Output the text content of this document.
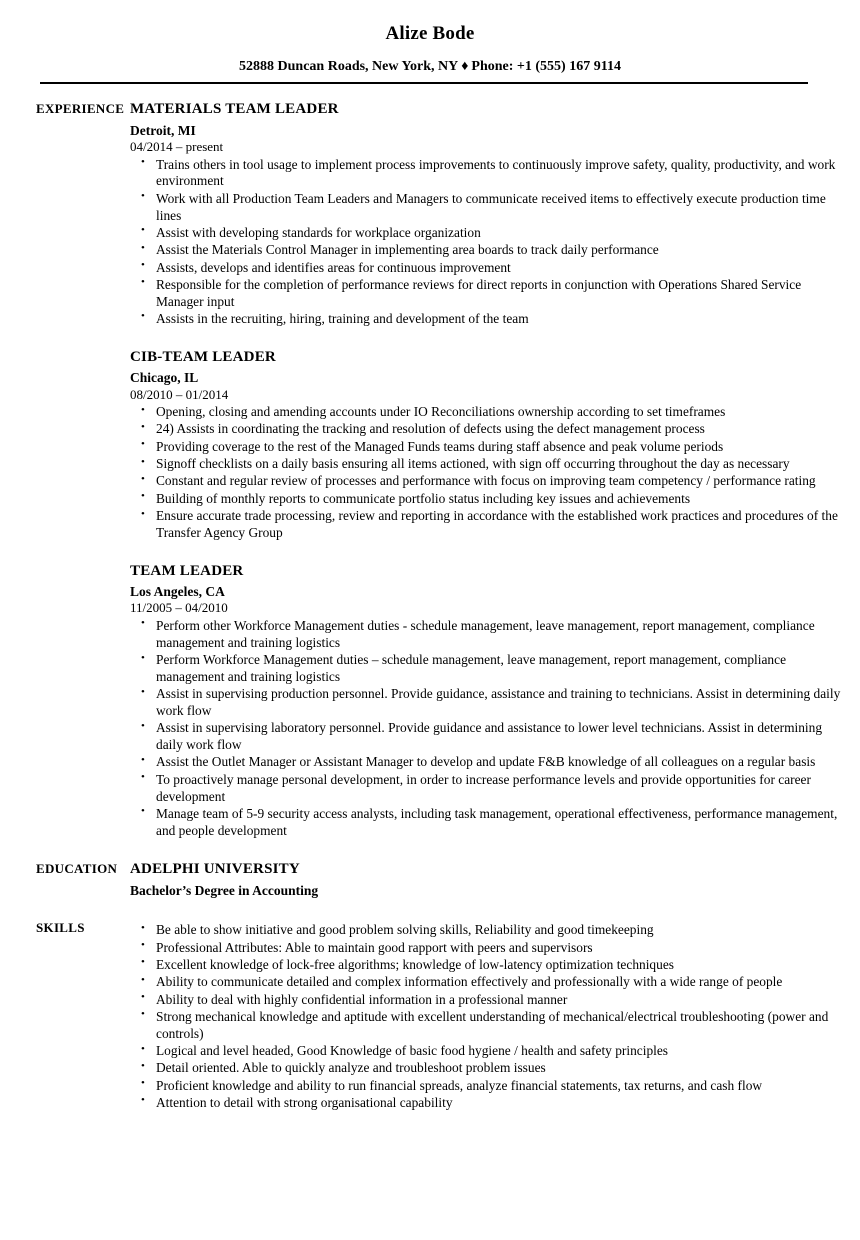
Alize Bode
52888 Duncan Roads, New York, NY ♦ Phone: +1 (555) 167 9114
EXPERIENCE MATERIALS TEAM LEADER
Detroit, MI
04/2014 – present
• Trains others in tool usage to implement process improvements to continuously improve safety, quality, productivity, and work environment
• Work with all Production Team Leaders and Managers to communicate received items to effectively execute production time lines
• Assist with developing standards for workplace organization
• Assist the Materials Control Manager in implementing area boards to track daily performance
• Assists, develops and identifies areas for continuous improvement
• Responsible for the completion of performance reviews for direct reports in conjunction with Operations Shared Service Manager input
• Assists in the recruiting, hiring, training and development of the team
CIB-TEAM LEADER
Chicago, IL
08/2010 – 01/2014
• Opening, closing and amending accounts under IO Reconciliations ownership according to set timeframes
• 24) Assists in coordinating the tracking and resolution of defects using the defect management process
• Providing coverage to the rest of the Managed Funds teams during staff absence and peak volume periods
• Signoff checklists on a daily basis ensuring all items actioned, with sign off occurring throughout the day as necessary
• Constant and regular review of processes and performance with focus on improving team competency / performance rating
• Building of monthly reports to communicate portfolio status including key issues and achievements
• Ensure accurate trade processing, review and reporting in accordance with the established work practices and procedures of the Transfer Agency Group
TEAM LEADER
Los Angeles, CA
11/2005 – 04/2010
• Perform other Workforce Management duties - schedule management, leave management, report management, compliance management and training logistics
• Perform Workforce Management duties – schedule management, leave management, report management, compliance management and training logistics
• Assist in supervising production personnel. Provide guidance, assistance and training to technicians. Assist in determining daily work flow
• Assist in supervising laboratory personnel. Provide guidance and assistance to lower level technicians. Assist in determining daily work flow
• Assist the Outlet Manager or Assistant Manager to develop and update F&B knowledge of all colleagues on a regular basis
• To proactively manage personal development, in order to increase performance levels and provide opportunities for career development
• Manage team of 5-9 security access analysts, including task management, operational effectiveness, performance management, and people development
EDUCATION ADELPHI UNIVERSITY
Bachelor’s Degree in Accounting
SKILLS	• Be able to show initiative and good problem solving skills, Reliability and good timekeeping
• Professional Attributes: Able to maintain good rapport with peers and supervisors
• Excellent knowledge of lock-free algorithms; knowledge of low-latency optimization techniques
• Ability to communicate detailed and complex information effectively and professionally with a wide range of people
• Ability to deal with highly confidential information in a professional manner
• Strong mechanical knowledge and aptitude with excellent understanding of mechanical/electrical troubleshooting (power and controls)
• Logical and level headed, Good Knowledge of basic food hygiene / health and safety principles
• Detail oriented. Able to quickly analyze and troubleshoot problem issues
• Proficient knowledge and ability to run financial spreads, analyze financial statements, tax returns, and cash flow
• Attention to detail with strong organisational capability
